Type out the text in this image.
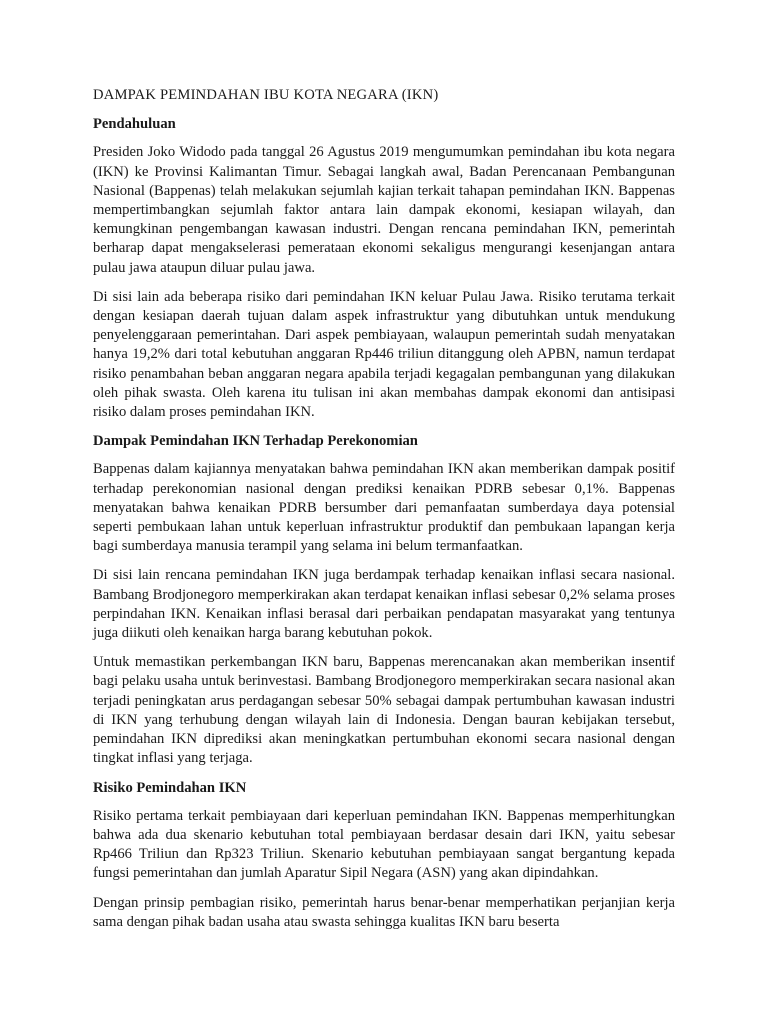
DAMPAK PEMINDAHAN IBU KOTA NEGARA (IKN)

Pendahuluan

Presiden Joko Widodo pada tanggal 26 Agustus 2019 mengumumkan pemindahan ibu kota negara (IKN) ke Provinsi Kalimantan Timur. Sebagai langkah awal, Badan Perencanaan Pembangunan Nasional (Bappenas) telah melakukan sejumlah kajian terkait tahapan pemindahan IKN. Bappenas mempertimbangkan sejumlah faktor antara lain dampak ekonomi, kesiapan wilayah, dan kemungkinan pengembangan kawasan industri. Dengan rencana pemindahan IKN, pemerintah berharap dapat mengakselerasi pemerataan ekonomi sekaligus mengurangi kesenjangan antara pulau jawa ataupun diluar pulau jawa.

Di sisi lain ada beberapa risiko dari pemindahan IKN keluar Pulau Jawa. Risiko terutama terkait dengan kesiapan daerah tujuan dalam aspek infrastruktur yang dibutuhkan untuk mendukung penyelenggaraan pemerintahan. Dari aspek pembiayaan, walaupun pemerintah sudah menyatakan hanya 19,2% dari total kebutuhan anggaran Rp446 triliun ditanggung oleh APBN, namun terdapat risiko penambahan beban anggaran negara apabila terjadi kegagalan pembangunan yang dilakukan oleh pihak swasta. Oleh karena itu tulisan ini akan membahas dampak ekonomi dan antisipasi risiko dalam proses pemindahan IKN.

Dampak Pemindahan IKN Terhadap Perekonomian

Bappenas dalam kajiannya menyatakan bahwa pemindahan IKN akan memberikan dampak positif terhadap perekonomian nasional dengan prediksi kenaikan PDRB sebesar 0,1%. Bappenas menyatakan bahwa kenaikan PDRB bersumber dari pemanfaatan sumberdaya daya potensial seperti pembukaan lahan untuk keperluan infrastruktur produktif dan pembukaan lapangan kerja bagi sumberdaya manusia terampil yang selama ini belum termanfaatkan.

Di sisi lain rencana pemindahan IKN juga berdampak terhadap kenaikan inflasi secara nasional. Bambang Brodjonegoro memperkirakan akan terdapat kenaikan inflasi sebesar 0,2% selama proses perpindahan IKN. Kenaikan inflasi berasal dari perbaikan pendapatan masyarakat yang tentunya juga diikuti oleh kenaikan harga barang kebutuhan pokok.

Untuk memastikan perkembangan IKN baru, Bappenas merencanakan akan memberikan insentif bagi pelaku usaha untuk berinvestasi. Bambang Brodjonegoro memperkirakan secara nasional akan terjadi peningkatan arus perdagangan sebesar 50% sebagai dampak pertumbuhan kawasan industri di IKN yang terhubung dengan wilayah lain di Indonesia. Dengan bauran kebijakan tersebut, pemindahan IKN diprediksi akan meningkatkan pertumbuhan ekonomi secara nasional dengan tingkat inflasi yang terjaga.

Risiko Pemindahan IKN

Risiko pertama terkait pembiayaan dari keperluan pemindahan IKN. Bappenas memperhitungkan bahwa ada dua skenario kebutuhan total pembiayaan berdasar desain dari IKN, yaitu sebesar Rp466 Triliun dan Rp323 Triliun. Skenario kebutuhan pembiayaan sangat bergantung kepada fungsi pemerintahan dan jumlah Aparatur Sipil Negara (ASN) yang akan dipindahkan.

Dengan prinsip pembagian risiko, pemerintah harus benar-benar memperhatikan perjanjian kerja sama dengan pihak badan usaha atau swasta sehingga kualitas IKN baru beserta
